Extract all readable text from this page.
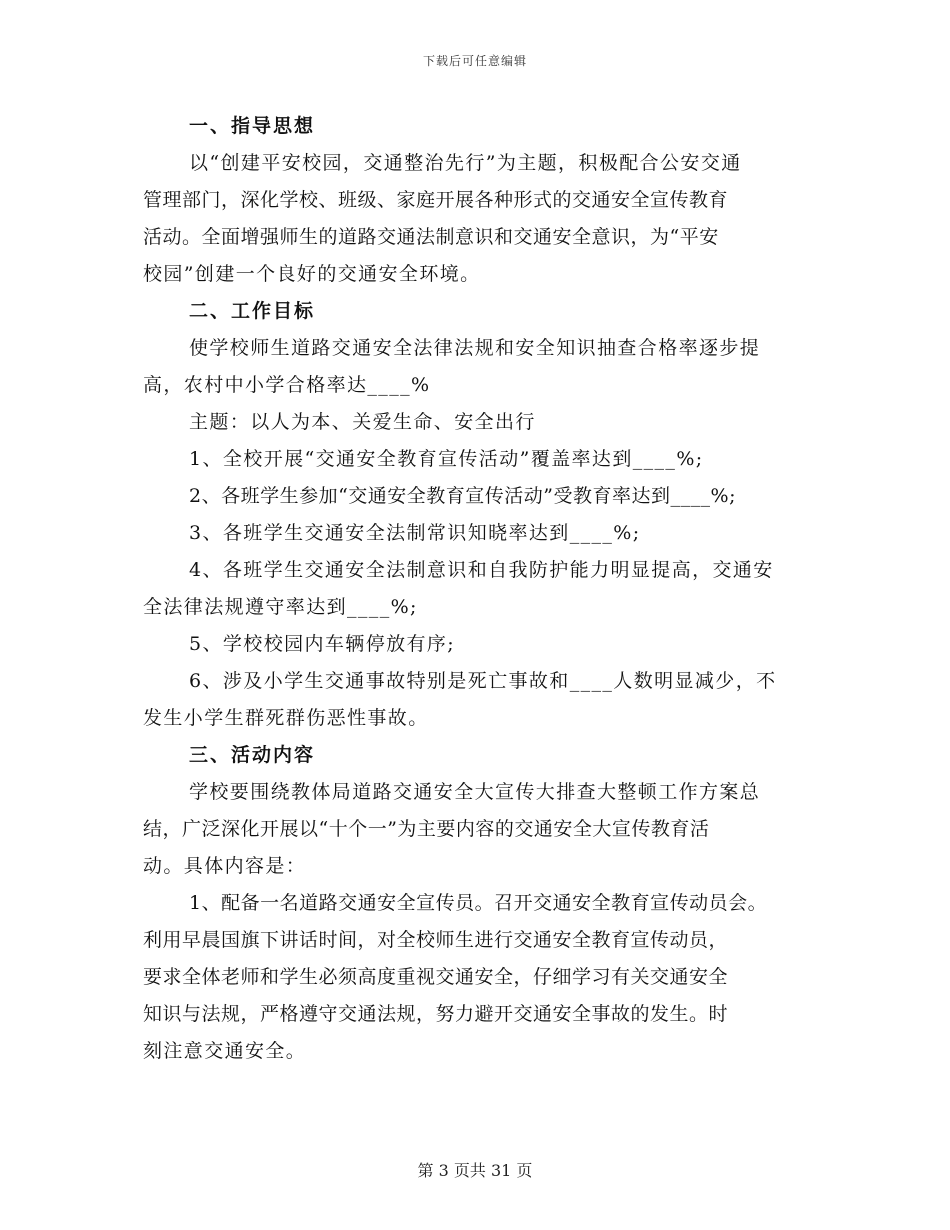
下载后可任意编辑
一、指导思想
以“创建平安校园，交通整治先行”为主题，积极配合公安交通
管理部门，深化学校、班级、家庭开展各种形式的交通安全宣传教育
活动。全面增强师生的道路交通法制意识和交通安全意识，为“平安
校园”创建一个良好的交通安全环境。
二、工作目标
使学校师生道路交通安全法律法规和安全知识抽查合格率逐步提
高，农村中小学合格率达____%
主题：以人为本、关爱生命、安全出行
1、全校开展“交通安全教育宣传活动”覆盖率达到____%;
2、各班学生参加“交通安全教育宣传活动”受教育率达到____%;
3、各班学生交通安全法制常识知晓率达到____%;
4、各班学生交通安全法制意识和自我防护能力明显提高，交通安
全法律法规遵守率达到____%;
5、学校校园内车辆停放有序;
6、涉及小学生交通事故特别是死亡事故和____人数明显减少，不
发生小学生群死群伤恶性事故。
三、活动内容
学校要围绕教体局道路交通安全大宣传大排查大整顿工作方案总
结，广泛深化开展以“十个一”为主要内容的交通安全大宣传教育活
动。具体内容是：
1、配备一名道路交通安全宣传员。召开交通安全教育宣传动员会。
利用早晨国旗下讲话时间，对全校师生进行交通安全教育宣传动员，
要求全体老师和学生必须高度重视交通安全，仔细学习有关交通安全
知识与法规，严格遵守交通法规，努力避开交通安全事故的发生。时
刻注意交通安全。
第 3 页共 31 页
